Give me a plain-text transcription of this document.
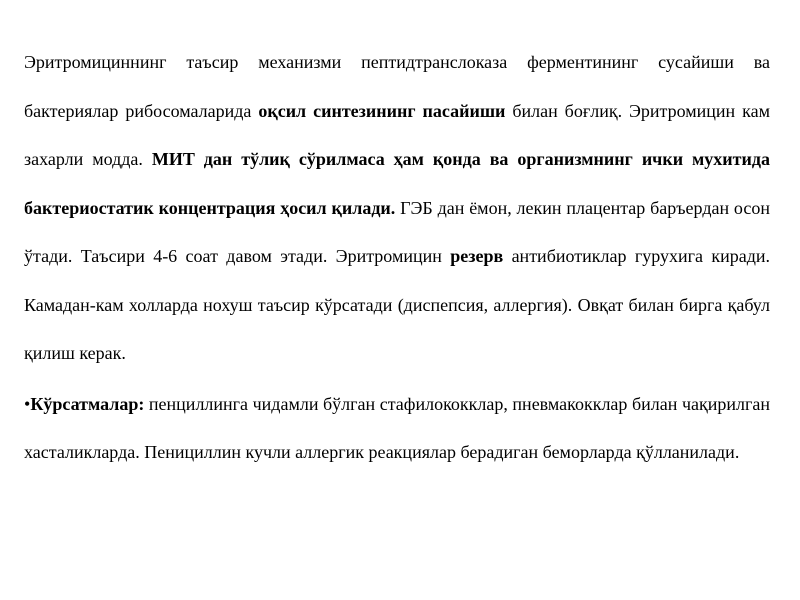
Эритромициннинг таъсир механизми пептидтранслоказа ферментининг сусайиши ва бактериялар рибосомаларида оқсил синтезининг пасайиши билан боғлиқ. Эритромицин кам захарли модда. МИТ дан тўлиқ сўрилмаса ҳам қонда ва организмнинг ички мухитида бактериостатик концентрация ҳосил қилади. ГЭБ дан ёмон, лекин плацентар баръердан осон ўтади. Таъсири 4-6 соат давом этади. Эритромицин резерв антибиотиклар гурухига киради. Камадан-кам холларда нохуш таъсир кўрсатади (диспепсия, аллергия). Овқат билан бирга қабул қилиш керак.

•Кўрсатмалар: пенциллинга чидамли бўлган стафилококклар, пневмакокклар билан чақирилган хасталикларда. Пенициллин кучли аллергик реакциялар берадиган беморларда қўлланилади.
